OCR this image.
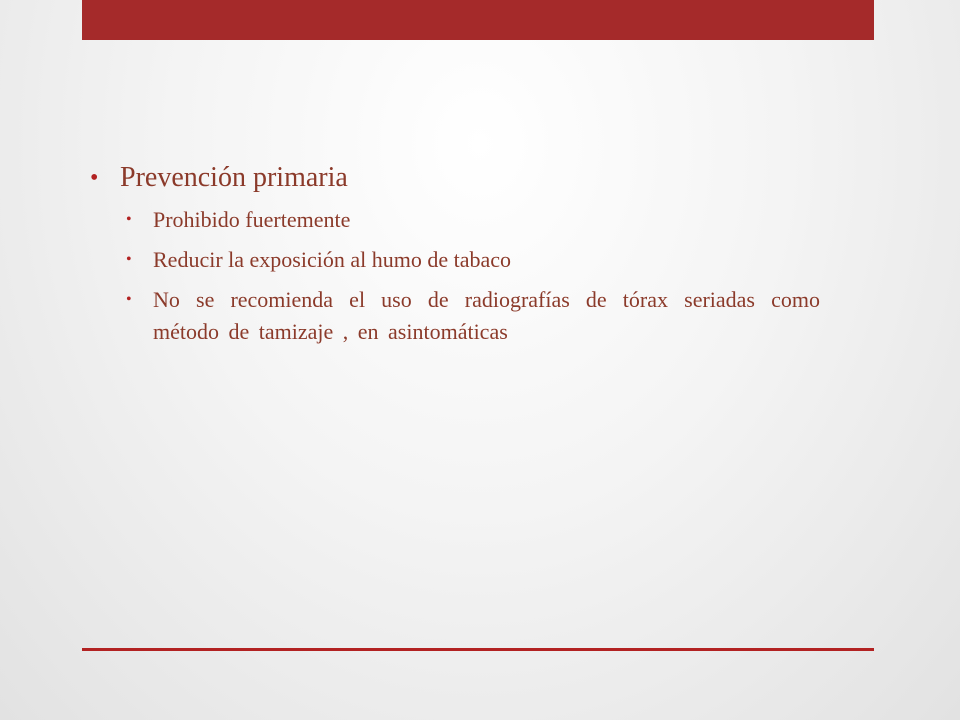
• Prevención primaria
• Prohibido fuertemente
• Reducir la exposición al humo de tabaco
• No se recomienda el uso de radiografías de tórax seriadas como método de tamizaje , en asintomáticas
